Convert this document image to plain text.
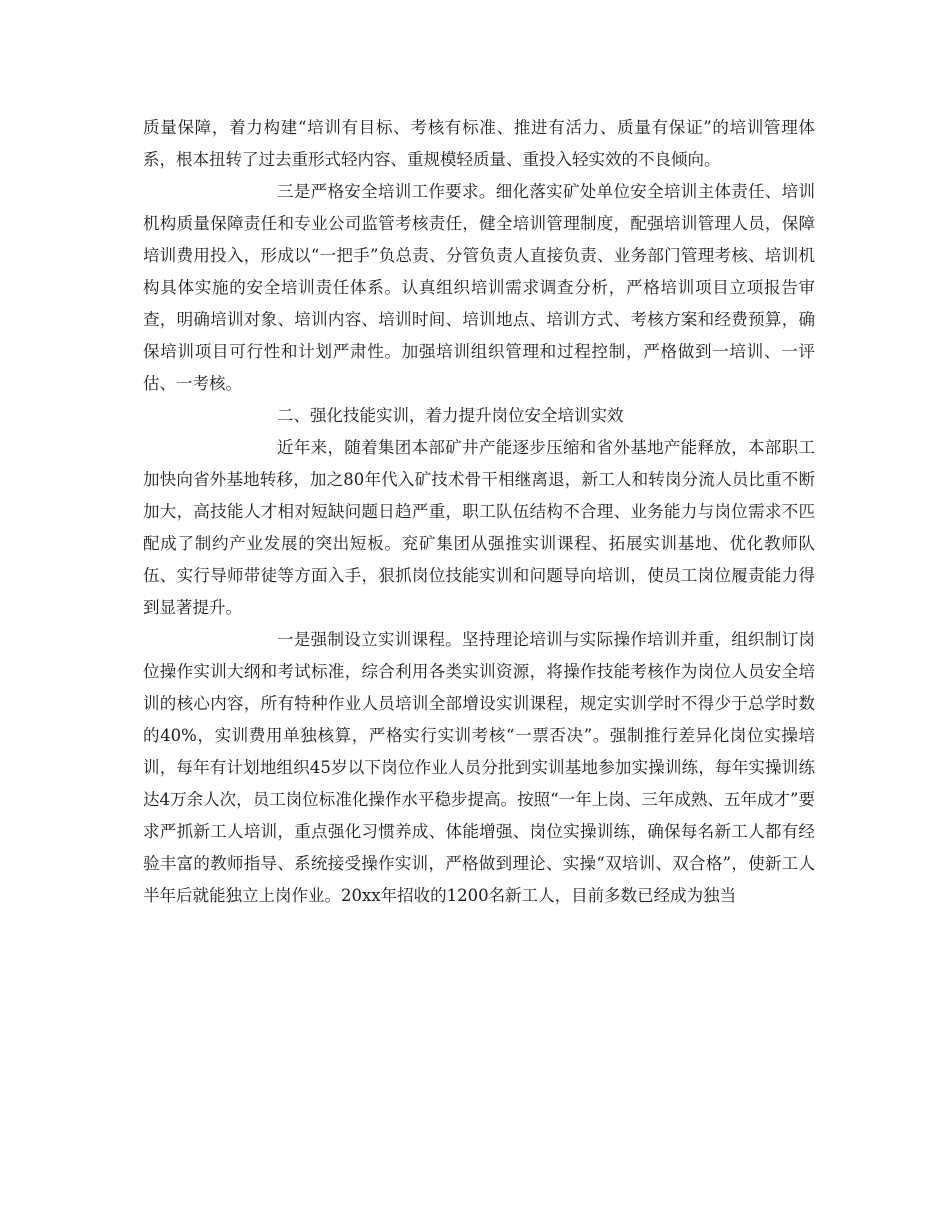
质量保障，着力构建“培训有目标、考核有标准、推进有活力、质量有保证”的培训管理体系，根本扭转了过去重形式轻内容、重规模轻质量、重投入轻实效的不良倾向。

三是严格安全培训工作要求。细化落实矿处单位安全培训主体责任、培训机构质量保障责任和专业公司监管考核责任，健全培训管理制度，配强培训管理人员，保障培训费用投入，形成以“一把手”负总责、分管负责人直接负责、业务部门管理考核、培训机构具体实施的安全培训责任体系。认真组织培训需求调查分析，严格培训项目立项报告审查，明确培训对象、培训内容、培训时间、培训地点、培训方式、考核方案和经费预算，确保培训项目可行性和计划严肃性。加强培训组织管理和过程控制，严格做到一培训、一评估、一考核。

二、强化技能实训，着力提升岗位安全培训实效

近年来，随着集团本部矿井产能逐步压缩和省外基地产能释放，本部职工加快向省外基地转移，加之80年代入矿技术骨干相继离退，新工人和转岗分流人员比重不断加大，高技能人才相对短缺问题日趋严重，职工队伍结构不合理、业务能力与岗位需求不匹配成了制约产业发展的突出短板。兖矿集团从强推实训课程、拓展实训基地、优化教师队伍、实行导师带徒等方面入手，狠抓岗位技能实训和问题导向培训，使员工岗位履责能力得到显著提升。

一是强制设立实训课程。坚持理论培训与实际操作培训并重，组织制订岗位操作实训大纲和考试标准，综合利用各类实训资源，将操作技能考核作为岗位人员安全培训的核心内容，所有特种作业人员培训全部增设实训课程，规定实训学时不得少于总学时数的40%，实训费用单独核算，严格实行实训考核“一票否决”。强制推行差异化岗位实操培训，每年有计划地组织45岁以下岗位作业人员分批到实训基地参加实操训练，每年实操训练达4万余人次，员工岗位标准化操作水平稳步提高。按照“一年上岗、三年成熟、五年成才”要求严抓新工人培训，重点强化习惯养成、体能增强、岗位实操训练，确保每名新工人都有经验丰富的教师指导、系统接受操作实训，严格做到理论、实操“双培训、双合格”，使新工人半年后就能独立上岗作业。20xx年招收的1200名新工人，目前多数已经成为独当
